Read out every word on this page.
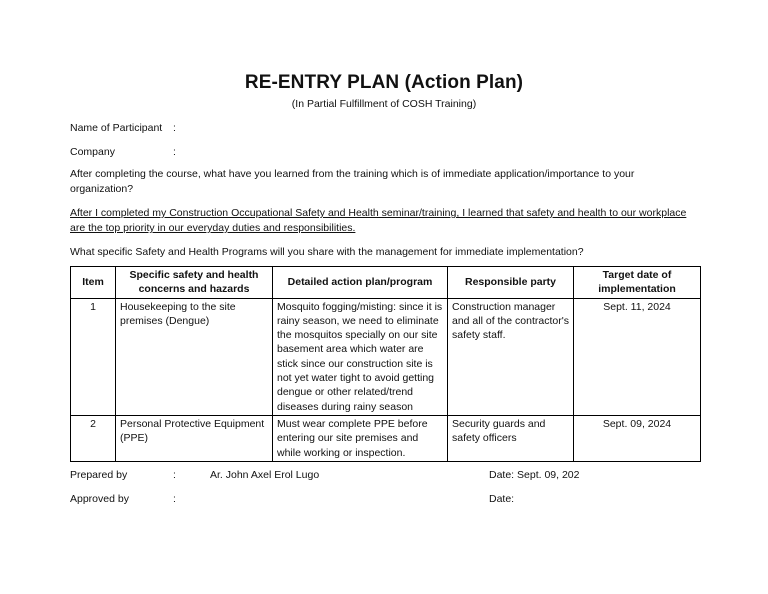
RE-ENTRY PLAN (Action Plan)
(In Partial Fulfillment of COSH Training)
Name of Participant :
Company	:
After completing the course, what have you learned from the training which is of immediate application/importance to your organization?
After I completed my Construction Occupational Safety and Health seminar/training, I learned that safety and health to our workplace are the top priority in our everyday duties and responsibilities.
What specific Safety and Health Programs will you share with the management for immediate implementation?
Item	Specific safety and health concerns and hazards	Detailed action plan/program	Responsible party	Target date of implementation
1	Housekeeping to the site premises (Dengue)	Mosquito fogging/misting: since it is rainy season, we need to eliminate the mosquitos specially on our site basement area which water are stick since our construction site is not yet water tight to avoid getting dengue or other related/trend diseases during rainy season	Construction manager and all of the contractor's safety staff.	Sept. 11, 2024
2	Personal Protective Equipment (PPE)	Must wear complete PPE before entering our site premises and while working or inspection.	Security guards and safety officers	Sept. 09, 2024
Prepared by	:	Ar. John Axel Erol Lugo	Date: Sept. 09, 202
Approved by	:	Date:
